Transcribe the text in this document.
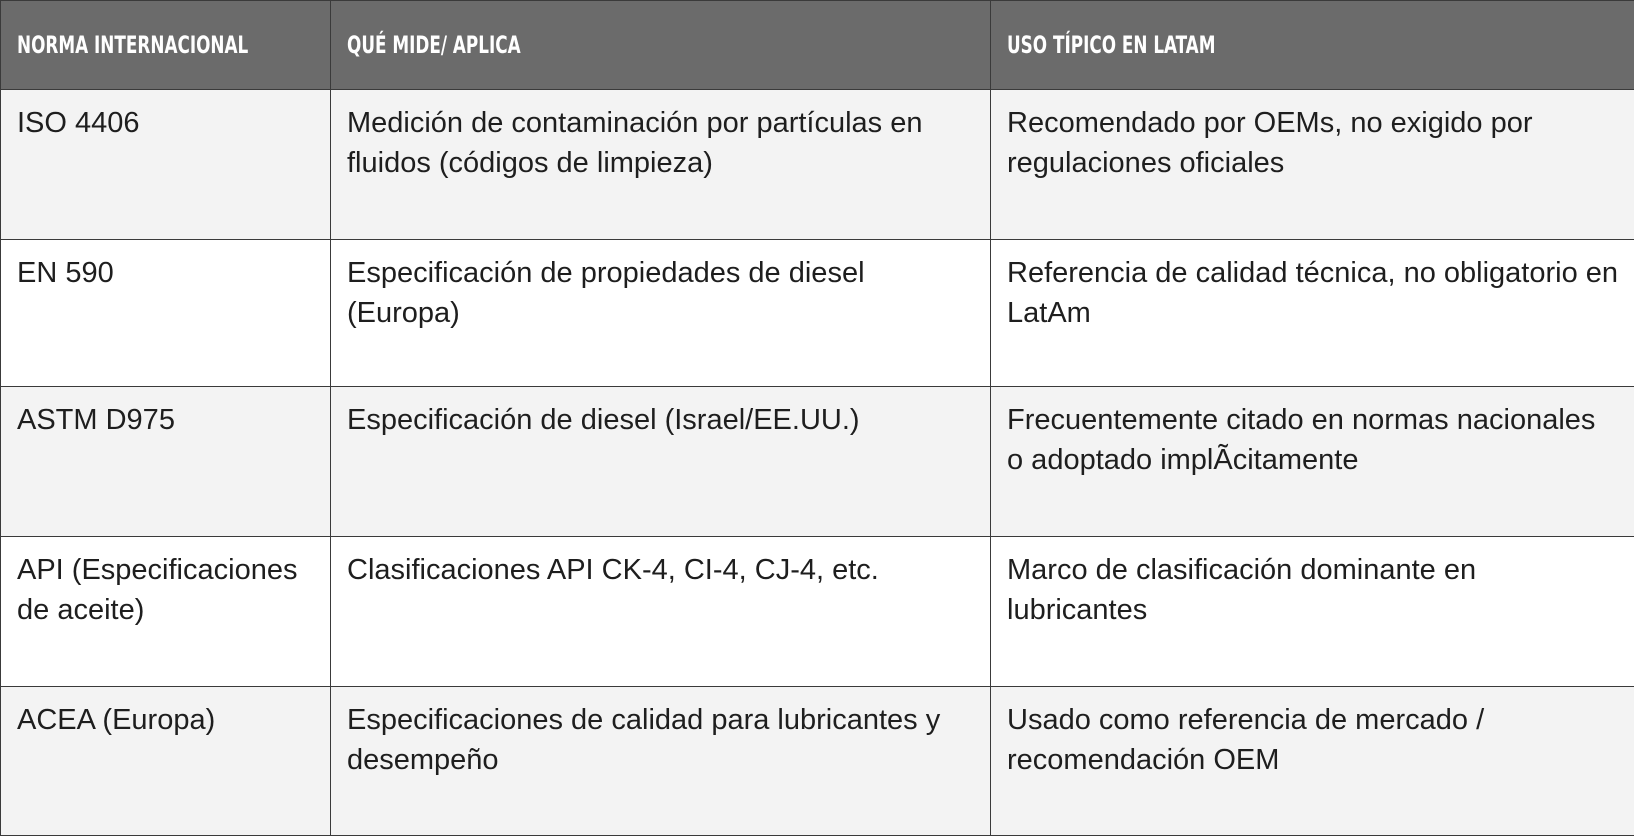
NORMA INTERNACIONAL	QUÉ MIDE/ APLICA	USO TÍPICO EN LATAM
ISO 4406	Medición de contaminación por partículas en fluidos (códigos de limpieza)	Recomendado por OEMs, no exigido por regulaciones oficiales
EN 590	Especificación de propiedades de diesel (Europa)	Referencia de calidad técnica, no obligatorio en LatAm
ASTM D975	Especificación de diesel (Israel/EE.UU.)	Frecuentemente citado en normas nacionales o adoptado implÃcitamente
API (Especificaciones de aceite)	Clasificaciones API CK-4, CI-4, CJ-4, etc.	Marco de clasificación dominante en lubricantes
ACEA (Europa)	Especificaciones de calidad para lubricantes y desempeño	Usado como referencia de mercado / recomendación OEM
